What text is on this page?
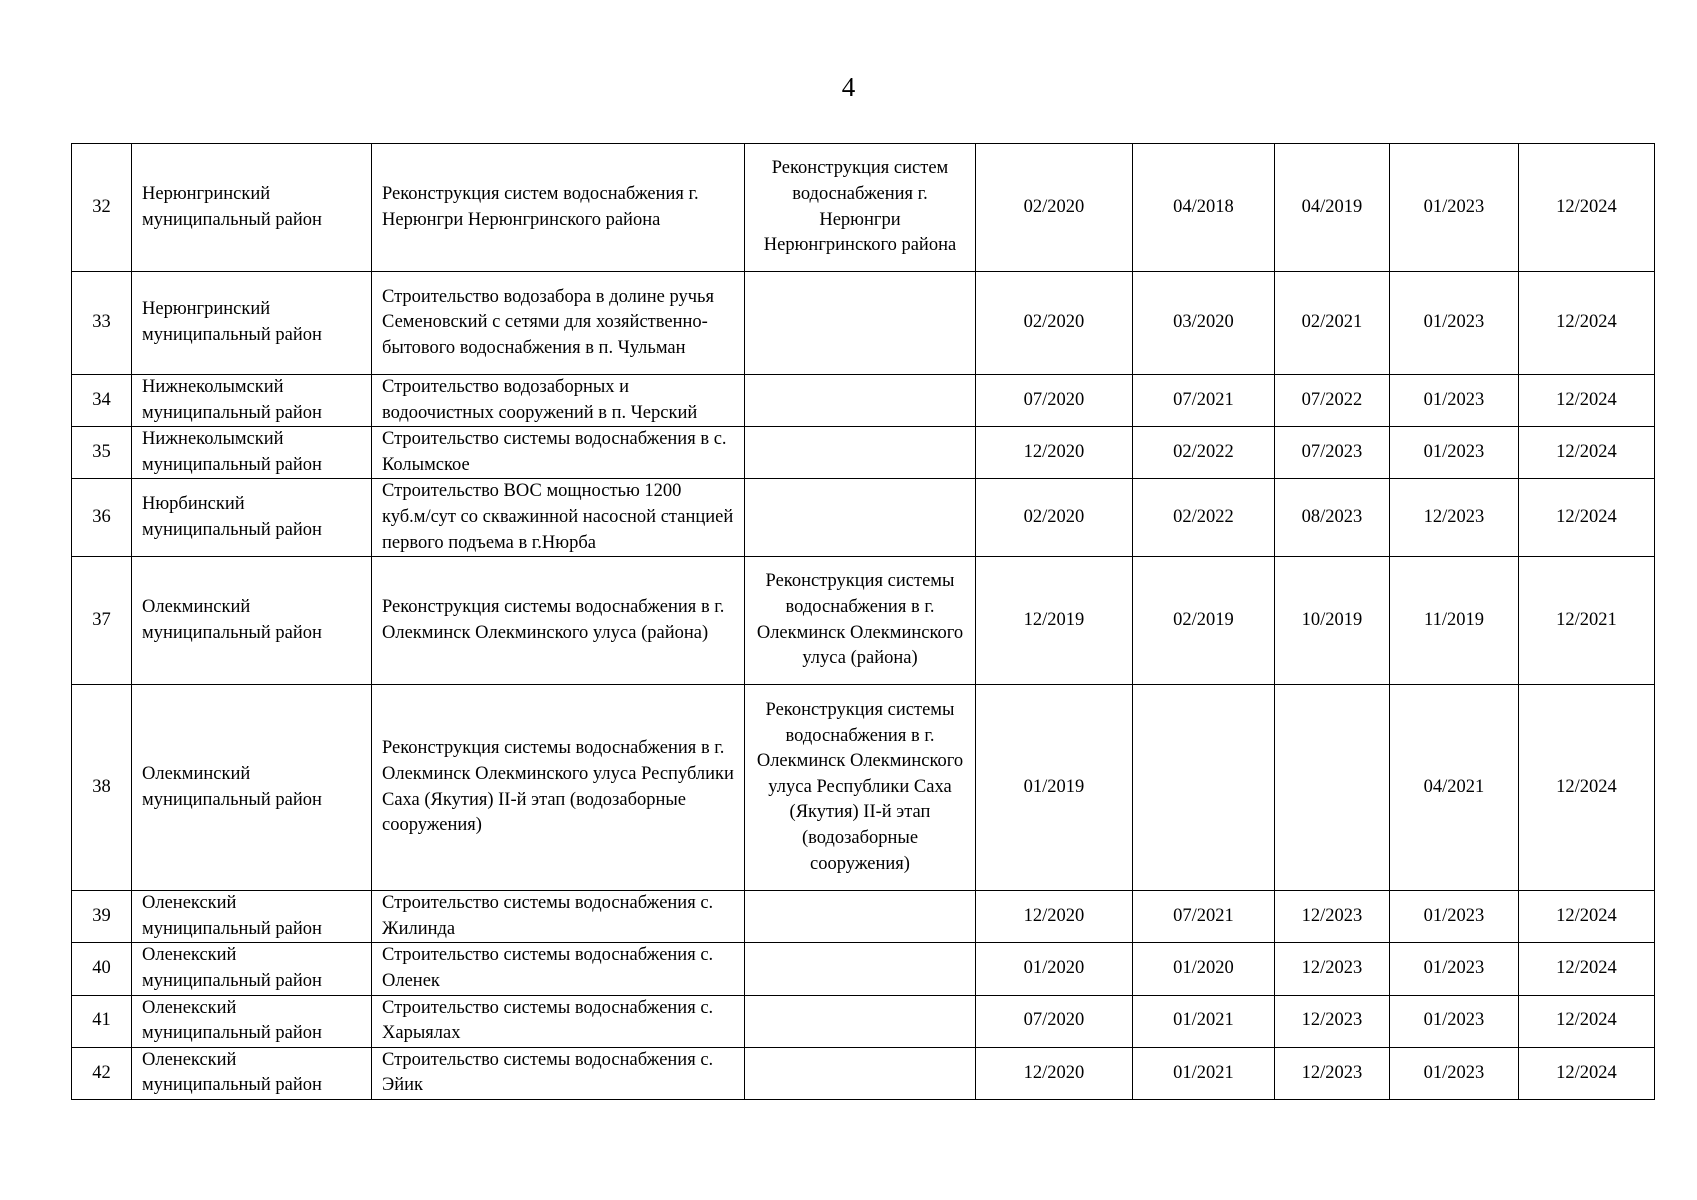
4
32	Нерюнгринский муниципальный район	Реконструкция систем водоснабжения г. Нерюнгри Нерюнгринского района	Реконструкция систем водоснабжения г. Нерюнгри Нерюнгринского района	02/2020	04/2018	04/2019	01/2023	12/2024
33	Нерюнгринский муниципальный район	Строительство водозабора в долине ручья Семеновский с сетями для хозяйственно-бытового водоснабжения в п. Чульман		02/2020	03/2020	02/2021	01/2023	12/2024
34	Нижнеколымский муниципальный район	Строительство водозаборных и водоочистных сооружений в п. Черский		07/2020	07/2021	07/2022	01/2023	12/2024
35	Нижнеколымский муниципальный район	Строительство системы водоснабжения в с. Колымское		12/2020	02/2022	07/2023	01/2023	12/2024
36	Нюрбинский муниципальный район	Строительство ВОС мощностью 1200 куб.м/сут со скважинной насосной станцией первого подъема в г.Нюрба		02/2020	02/2022	08/2023	12/2023	12/2024
37	Олекминский муниципальный район	Реконструкция системы водоснабжения в г. Олекминск Олекминского улуса (района)	Реконструкция системы водоснабжения в г. Олекминск Олекминского улуса (района)	12/2019	02/2019	10/2019	11/2019	12/2021
38	Олекминский муниципальный район	Реконструкция системы водоснабжения в г. Олекминск Олекминского улуса Республики Саха (Якутия) II-й этап (водозаборные сооружения)	Реконструкция системы водоснабжения в г. Олекминск Олекминского улуса Республики Саха (Якутия) II-й этап (водозаборные сооружения)	01/2019			04/2021	12/2024
39	Оленекский муниципальный район	Строительство системы водоснабжения с. Жилинда		12/2020	07/2021	12/2023	01/2023	12/2024
40	Оленекский муниципальный район	Строительство системы водоснабжения с. Оленек		01/2020	01/2020	12/2023	01/2023	12/2024
41	Оленекский муниципальный район	Строительство системы водоснабжения с. Харыялах		07/2020	01/2021	12/2023	01/2023	12/2024
42	Оленекский муниципальный район	Строительство системы водоснабжения с. Эйик		12/2020	01/2021	12/2023	01/2023	12/2024
